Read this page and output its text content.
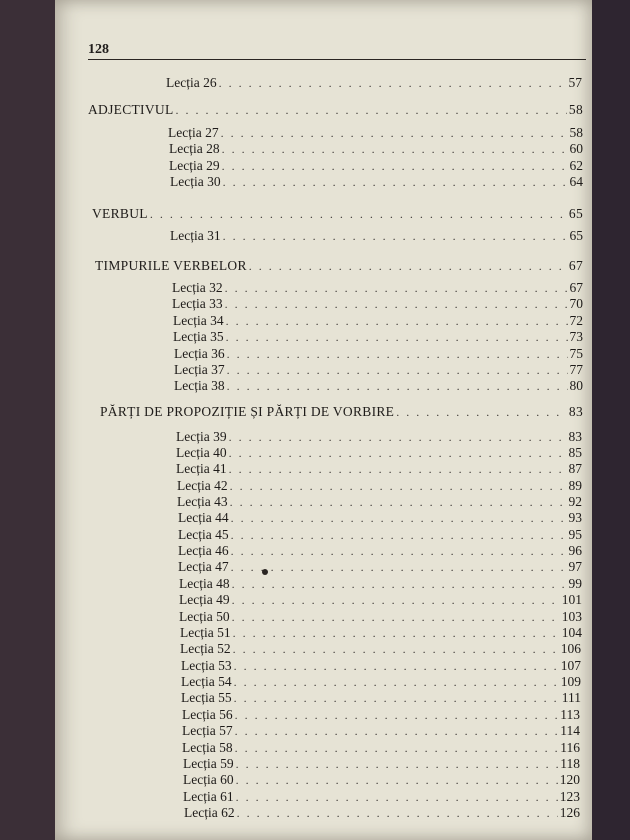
128
Lecția 26 . . .	57
ADJECTIVUL . . .	58
Lecția 27 . . .	58
Lecția 28 . . .	60
Lecția 29 . . .	62
Lecția 30 . . .	64
VERBUL . . .	65
Lecția 31 . . .	65
TIMPURILE VERBELOR . . .	67
Lecția 32 . . .	67
Lecția 33 . . .	70
Lecția 34 . . .	72
Lecția 35 . . .	73
Lecția 36 . . .	75
Lecția 37 . . .	77
Lecția 38 . . .	80
PĂRȚI DE PROPOZIȚIE ȘI PĂRȚI DE VORBIRE . . .	83
Lecția 39 . . .	83
Lecția 40 . . .	85
Lecția 41 . . .	87
Lecția 42 . . .	89
Lecția 43 . . .	92
Lecția 44 . . .	93
Lecția 45 . . .	95
Lecția 46 . . .	96
Lecția 47 . . .	97
Lecția 48 . . .	99
Lecția 49 . . .	101
Lecția 50 . . .	103
Lecția 51 . . .	104
Lecția 52 . . .	106
Lecția 53 . . .	107
Lecția 54 . . .	109
Lecția 55 . . .	111
Lecția 56 . . .	113
Lecția 57 . . .	114
Lecția 58 . . .	116
Lecția 59 . . .	118
Lecția 60 . . .	120
Lecția 61 . . .	123
Lecția 62 . . .	126
